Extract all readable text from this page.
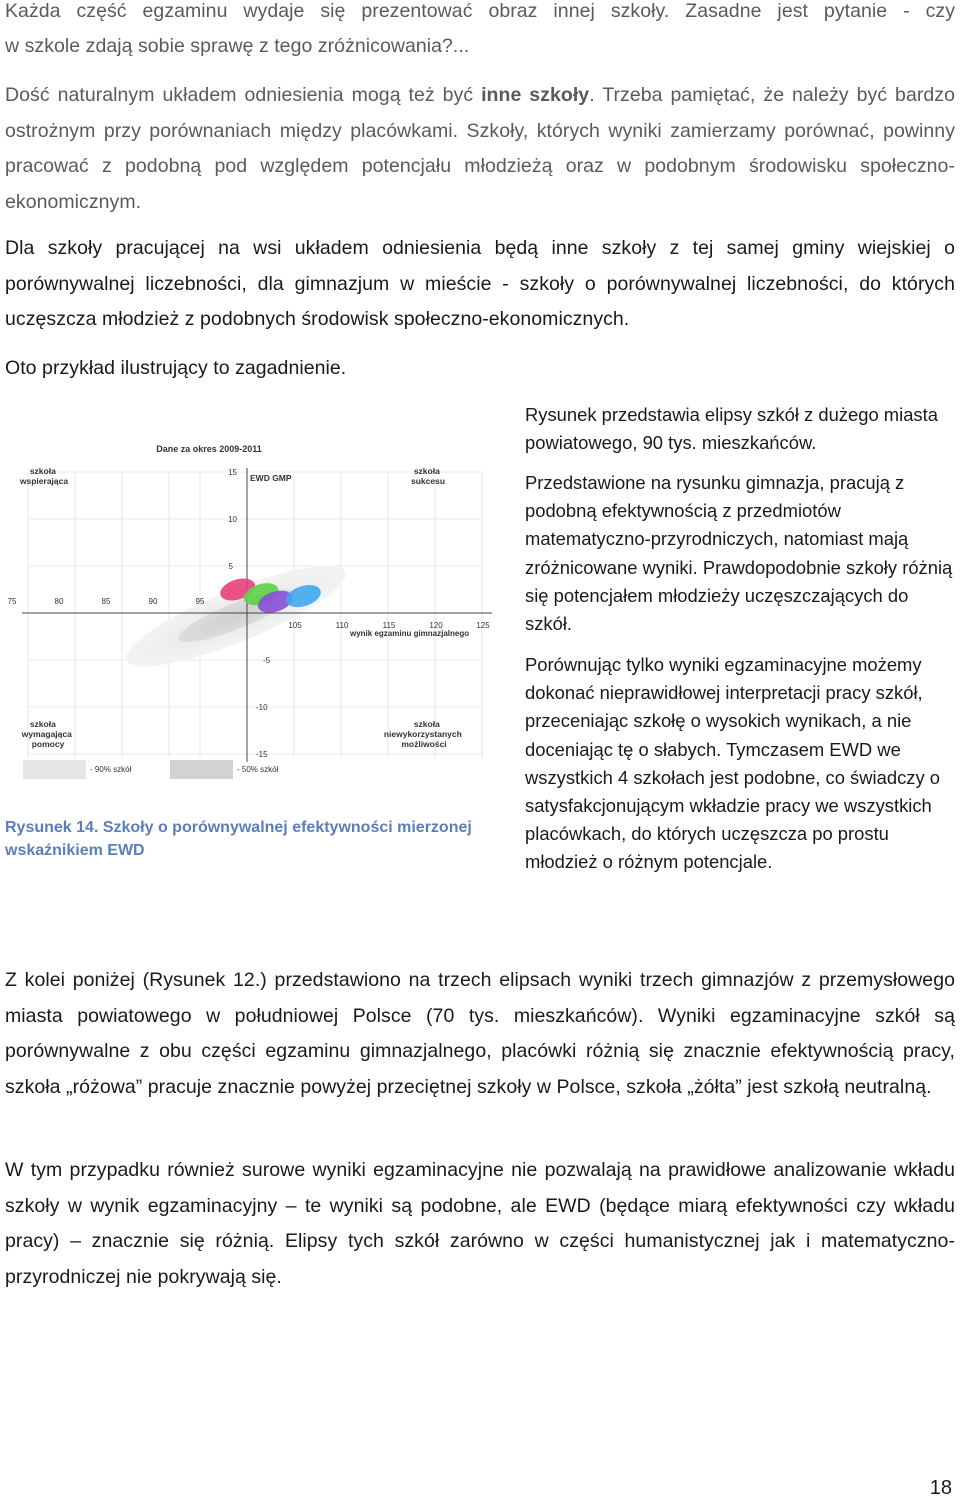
Każda część egzaminu wydaje się prezentować obraz innej szkoły. Zasadne jest pytanie - czy

w szkole zdają sobie sprawę z tego zróżnicowania?...

Dość naturalnym układem odniesienia mogą też być inne szkoły. Trzeba pamiętać, że należy być bardzo ostrożnym przy porównaniach między placówkami. Szkoły, których wyniki zamierzamy porównać, powinny pracować z podobną pod względem potencjału młodzieżą oraz w podobnym środowisku społeczno-ekonomicznym.

Dla szkoły pracującej na wsi układem odniesienia będą inne szkoły z tej samej gminy wiejskiej o porównywalnej liczebności, dla gimnazjum w mieście - szkoły o porównywalnej liczebności, do których uczęszcza młodzież z podobnych środowisk społeczno-ekonomicznych.

Oto przykład ilustrujący to zagadnienie.

Rysunek przedstawia elipsy szkół z dużego miasta powiatowego, 90 tys. mieszkańców.

Przedstawione na rysunku gimnazja, pracują z podobną efektywnością z przedmiotów matematyczno-przyrodniczych, natomiast mają zróżnicowane wyniki. Prawdopodobnie szkoły różnią się potencjałem młodzieży uczęszczających do szkół.

Porównując tylko wyniki egzaminacyjne możemy dokonać nieprawidłowej interpretacji pracy szkół, przeceniając szkołę o wysokich wynikach, a nie doceniając tę o słabych. Tymczasem EWD we wszystkich 4 szkołach jest podobne, co świadczy o satysfakcjonującym wkładzie pracy we wszystkich placówkach, do których uczęszcza po prostu młodzież o różnym potencjale.

Dane za okres 2009-2011
EWD GMP
wynik egzaminu gimnazjalnego
15
10
5
-5
-10
-15
75	80	85	90	95
105	110	115	120	125
szkoła wspierająca
szkoła sukcesu
szkoła wymagająca pomocy
szkoła niewykorzystanych możliwości
- 90% szkół	- 50% szkół

Rysunek 14. Szkoły o porównywalnej efektywności mierzonej wskaźnikiem EWD

Z kolei poniżej (Rysunek 12.) przedstawiono na trzech elipsach wyniki trzech gimnazjów z przemysłowego miasta powiatowego w południowej Polsce (70 tys. mieszkańców). Wyniki egzaminacyjne szkół są porównywalne z obu części egzaminu gimnazjalnego, placówki różnią się znacznie efektywnością pracy, szkoła „różowa” pracuje znacznie powyżej przeciętnej szkoły w Polsce, szkoła „żółta” jest szkołą neutralną.

W tym przypadku również surowe wyniki egzaminacyjne nie pozwalają na prawidłowe analizowanie wkładu szkoły w wynik egzaminacyjny – te wyniki są podobne, ale EWD (będące miarą efektywności czy wkładu pracy) – znacznie się różnią. Elipsy tych szkół zarówno w części humanistycznej jak i matematyczno-przyrodniczej nie pokrywają się.

18
